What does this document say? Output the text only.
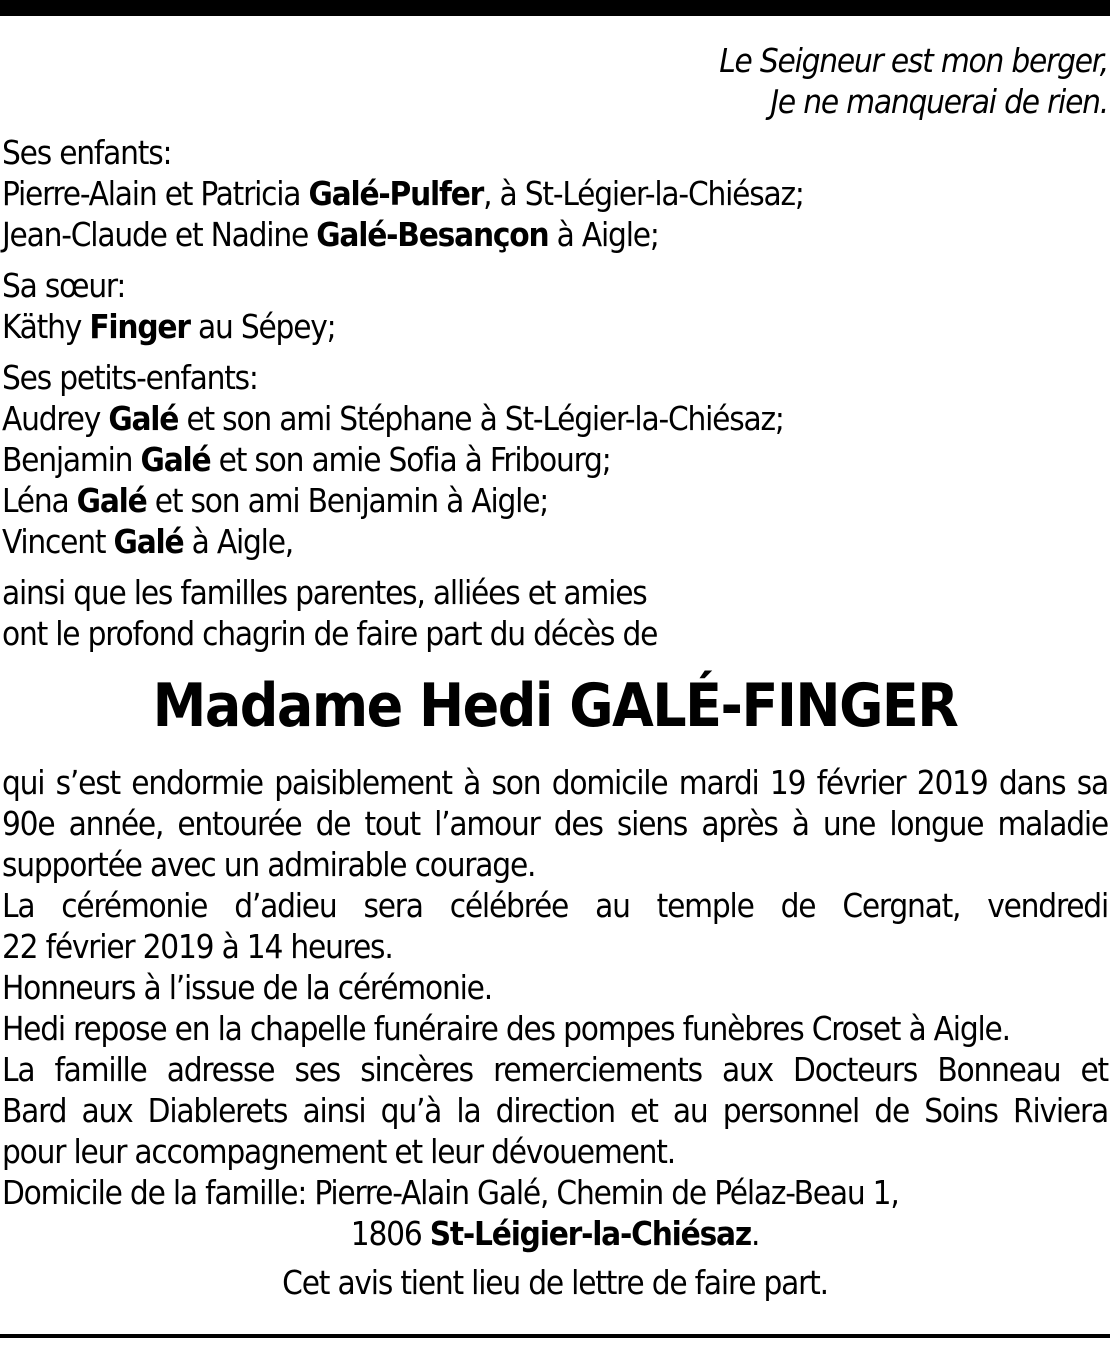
Le Seigneur est mon berger,
Je ne manquerai de rien.
Ses enfants:
Pierre-Alain et Patricia Galé-Pulfer, à St-Légier-la-Chiésaz;
Jean-Claude et Nadine Galé-Besançon à Aigle;
Sa sœur:
Käthy Finger au Sépey;
Ses petits-enfants:
Audrey Galé et son ami Stéphane à St-Légier-la-Chiésaz;
Benjamin Galé et son amie Sofia à Fribourg;
Léna Galé et son ami Benjamin à Aigle;
Vincent Galé à Aigle,
ainsi que les familles parentes, alliées et amies
ont le profond chagrin de faire part du décès de
Madame Hedi GALÉ-FINGER
qui s’est endormie paisiblement à son domicile mardi 19 février 2019 dans sa
90e année, entourée de tout l’amour des siens après à une longue maladie
supportée avec un admirable courage.
La cérémonie d’adieu sera célébrée au temple de Cergnat, vendredi
22 février 2019 à 14 heures.
Honneurs à l’issue de la cérémonie.
Hedi repose en la chapelle funéraire des pompes funèbres Croset à Aigle.
La famille adresse ses sincères remerciements aux Docteurs Bonneau et
Bard aux Diablerets ainsi qu’à la direction et au personnel de Soins Riviera
pour leur accompagnement et leur dévouement.
Domicile de la famille: Pierre-Alain Galé, Chemin de Pélaz-Beau 1,
1806 St-Léigier-la-Chiésaz.
Cet avis tient lieu de lettre de faire part.
